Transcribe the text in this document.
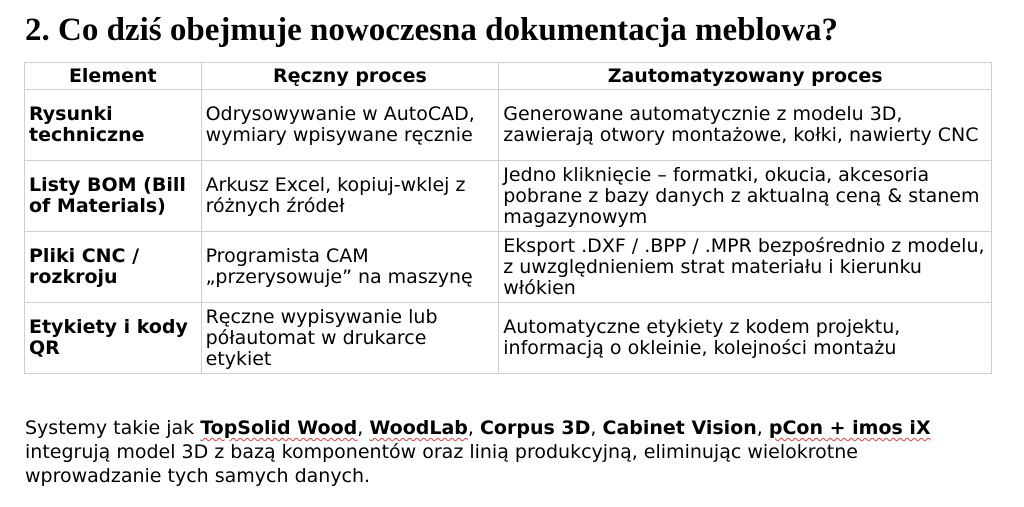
2. Co dziś obejmuje nowoczesna dokumentacja meblowa?
Element	Ręczny proces	Zautomatyzowany proces
Rysunki techniczne	Odrysowywanie w AutoCAD, wymiary wpisywane ręcznie	Generowane automatycznie z modelu 3D, zawierają otwory montażowe, kołki, nawierty CNC
Listy BOM (Bill of Materials)	Arkusz Excel, kopiuj-wklej z różnych źródeł	Jedno kliknięcie – formatki, okucia, akcesoria pobrane z bazy danych z aktualną ceną & stanem magazynowym
Pliki CNC / rozkroju	Programista CAM „przerysowuje” na maszynę	Eksport .DXF / .BPP / .MPR bezpośrednio z modelu, z uwzględnieniem strat materiału i kierunku włókien
Etykiety i kody QR	Ręczne wypisywanie lub półautomat w drukarce etykiet	Automatyczne etykiety z kodem projektu, informacją o okleinie, kolejności montażu

Systemy takie jak TopSolid Wood, WoodLab, Corpus 3D, Cabinet Vision, pCon + imos iX integrują model 3D z bazą komponentów oraz linią produkcyjną, eliminując wielokrotne wprowadzanie tych samych danych.
